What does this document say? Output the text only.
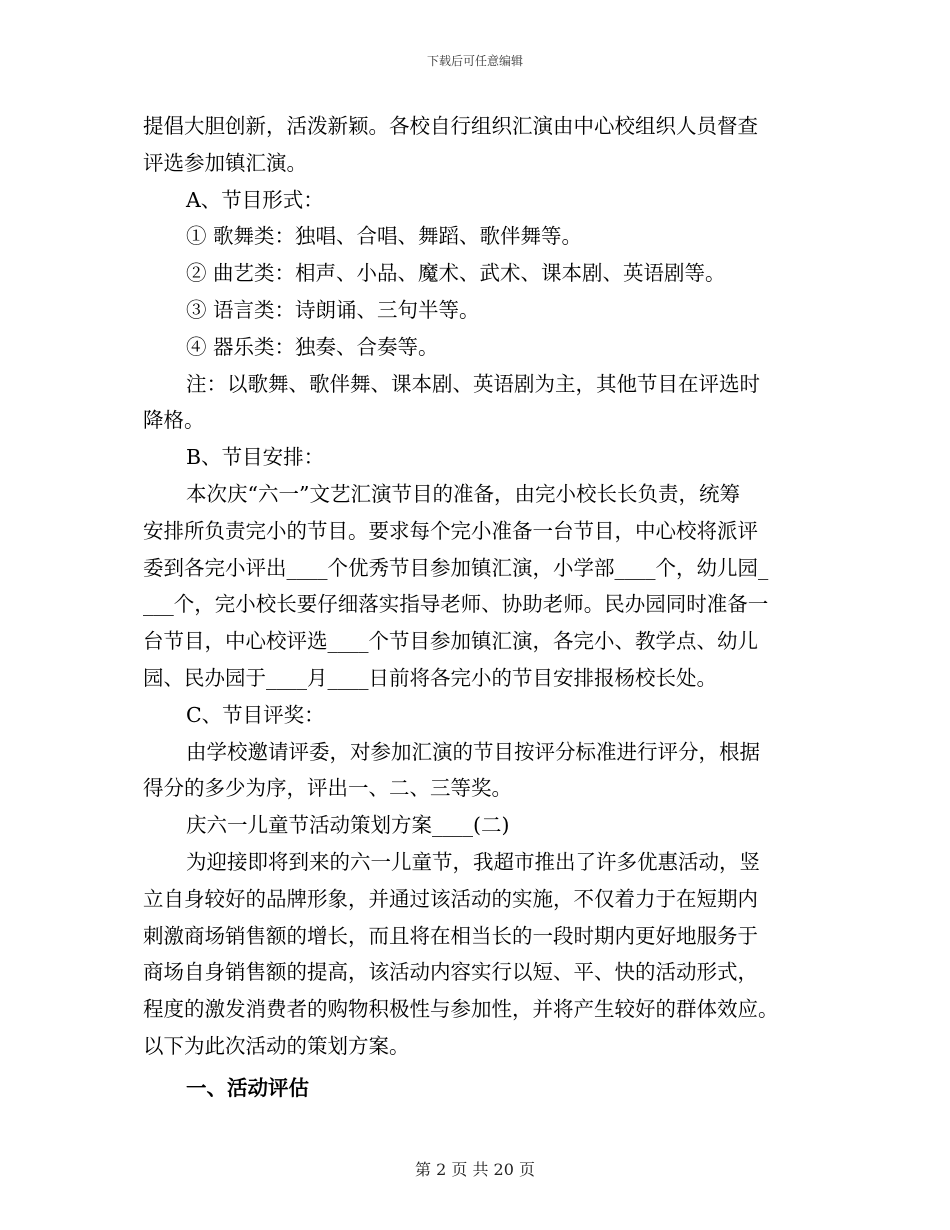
下载后可任意编辑
提倡大胆创新，活泼新颖。各校自行组织汇演由中心校组织人员督查
评选参加镇汇演。
A、节目形式：
① 歌舞类：独唱、合唱、舞蹈、歌伴舞等。
② 曲艺类：相声、小品、魔术、武术、课本剧、英语剧等。
③ 语言类：诗朗诵、三句半等。
④ 器乐类：独奏、合奏等。
注：以歌舞、歌伴舞、课本剧、英语剧为主，其他节目在评选时
降格。
B、节目安排：
本次庆“六一”文艺汇演节目的准备，由完小校长长负责，统筹
安排所负责完小的节目。要求每个完小准备一台节目，中心校将派评
委到各完小评出____个优秀节目参加镇汇演，小学部____个，幼儿园_
___个，完小校长要仔细落实指导老师、协助老师。民办园同时准备一
台节目，中心校评选____个节目参加镇汇演，各完小、教学点、幼儿
园、民办园于____月____日前将各完小的节目安排报杨校长处。
C、节目评奖：
由学校邀请评委，对参加汇演的节目按评分标准进行评分，根据
得分的多少为序，评出一、二、三等奖。
庆六一儿童节活动策划方案____(二)
为迎接即将到来的六一儿童节，我超市推出了许多优惠活动，竖
立自身较好的品牌形象，并通过该活动的实施，不仅着力于在短期内
刺激商场销售额的增长，而且将在相当长的一段时期内更好地服务于
商场自身销售额的提高，该活动内容实行以短、平、快的活动形式，
程度的激发消费者的购物积极性与参加性，并将产生较好的群体效应。
以下为此次活动的策划方案。
一、活动评估
第 2 页 共 20 页
